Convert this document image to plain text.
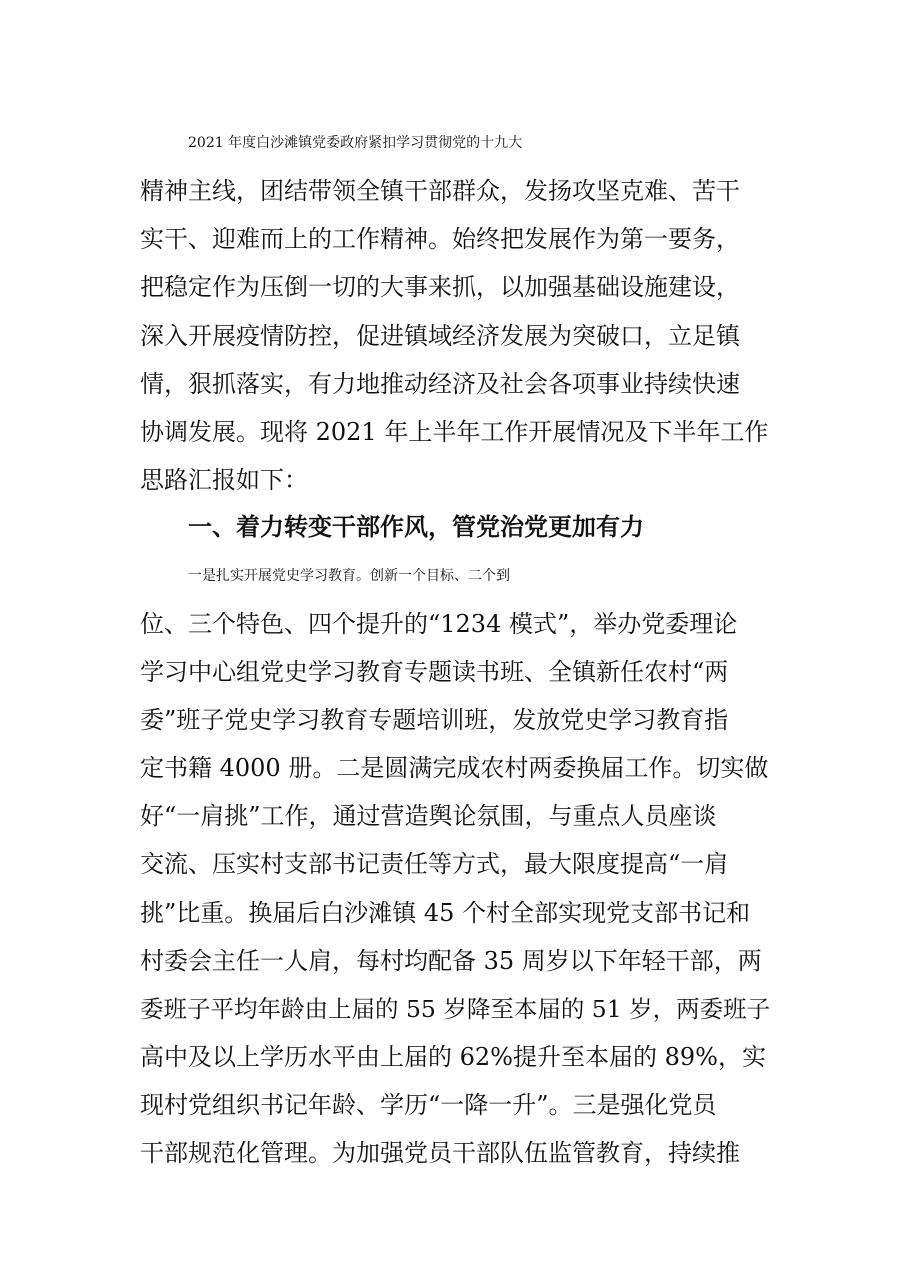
2021 年度白沙滩镇党委政府紧扣学习贯彻党的十九大
精神主线，团结带领全镇干部群众，发扬攻坚克难、苦干
实干、迎难而上的工作精神。始终把发展作为第一要务，
把稳定作为压倒一切的大事来抓，以加强基础设施建设，
深入开展疫情防控，促进镇域经济发展为突破口，立足镇
情，狠抓落实，有力地推动经济及社会各项事业持续快速
协调发展。现将 2021 年上半年工作开展情况及下半年工作
思路汇报如下：
一、着力转变干部作风，管党治党更加有力
一是扎实开展党史学习教育。创新一个目标、二个到
位、三个特色、四个提升的“1234 模式”，举办党委理论
学习中心组党史学习教育专题读书班、全镇新任农村“两
委”班子党史学习教育专题培训班，发放党史学习教育指
定书籍 4000 册。二是圆满完成农村两委换届工作。切实做
好“一肩挑”工作，通过营造舆论氛围，与重点人员座谈
交流、压实村支部书记责任等方式，最大限度提高“一肩
挑”比重。换届后白沙滩镇 45 个村全部实现党支部书记和
村委会主任一人肩，每村均配备 35 周岁以下年轻干部，两
委班子平均年龄由上届的 55 岁降至本届的 51 岁，两委班子
高中及以上学历水平由上届的 62%提升至本届的 89%，实
现村党组织书记年龄、学历“一降一升”。三是强化党员
干部规范化管理。为加强党员干部队伍监管教育，持续推
